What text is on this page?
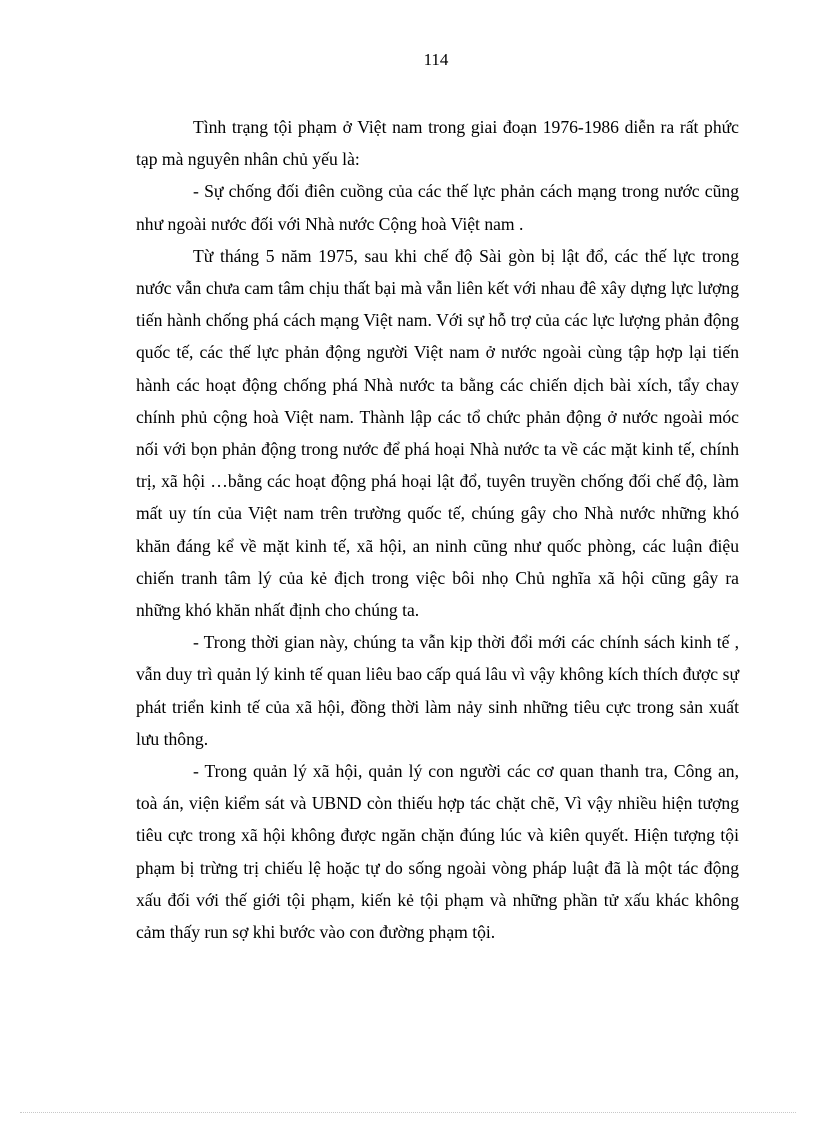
114

Tình trạng tội phạm ở Việt nam trong giai đoạn 1976-1986 diễn ra rất phức tạp mà nguyên nhân chủ yếu là:

- Sự chống đối điên cuồng của các thế lực phản cách mạng trong nước cũng như ngoài nước đối với Nhà nước Cộng hoà Việt nam .

Từ tháng 5 năm 1975, sau khi chế độ Sài gòn bị lật đổ, các thế lực trong nước vẫn chưa cam tâm chịu thất bại mà vẫn liên kết với nhau đê xây dựng lực lượng tiến hành chống phá cách mạng Việt nam. Với sự hỗ trợ của các lực lượng phản động quốc tế, các thế lực phản động người Việt nam ở nước ngoài cùng tập hợp lại tiến hành các hoạt động chống phá Nhà nước ta bằng các chiến dịch bài xích, tẩy chay chính phủ cộng hoà Việt nam. Thành lập các tổ chức phản động ở nước ngoài móc nối với bọn phản động trong nước để phá hoại Nhà nước ta về các mặt kinh tế, chính trị, xã hội …bằng các hoạt động phá hoại lật đổ, tuyên truyền chống đối chế độ, làm mất uy tín của Việt nam trên trường quốc tế, chúng gây cho Nhà nước những khó khăn đáng kể về mặt kinh tế, xã hội, an ninh cũng như quốc phòng, các luận điệu chiến tranh tâm lý của kẻ địch trong việc bôi nhọ Chủ nghĩa xã hội cũng gây ra những khó khăn nhất định cho chúng ta.

- Trong thời gian này, chúng ta vẫn kịp thời đổi mới các chính sách kinh tế , vẫn duy trì quản lý kinh tế quan liêu bao cấp quá lâu vì vậy không kích thích được sự phát triển kinh tế của xã hội, đồng thời làm nảy sinh những tiêu cực trong sản xuất lưu thông.

- Trong quản lý xã hội, quản lý con người các cơ quan thanh tra, Công an, toà án, viện kiểm sát và UBND còn thiếu hợp tác chặt chẽ, Vì vậy nhiều hiện tượng tiêu cực trong xã hội không được ngăn chặn đúng lúc và kiên quyết. Hiện tượng tội phạm bị trừng trị chiếu lệ hoặc tự do sống ngoài vòng pháp luật đã là một tác động xấu đối với thế giới tội phạm, kiến kẻ tội phạm và những phần tử xấu khác không cảm thấy run sợ khi bước vào con đường phạm tội.
